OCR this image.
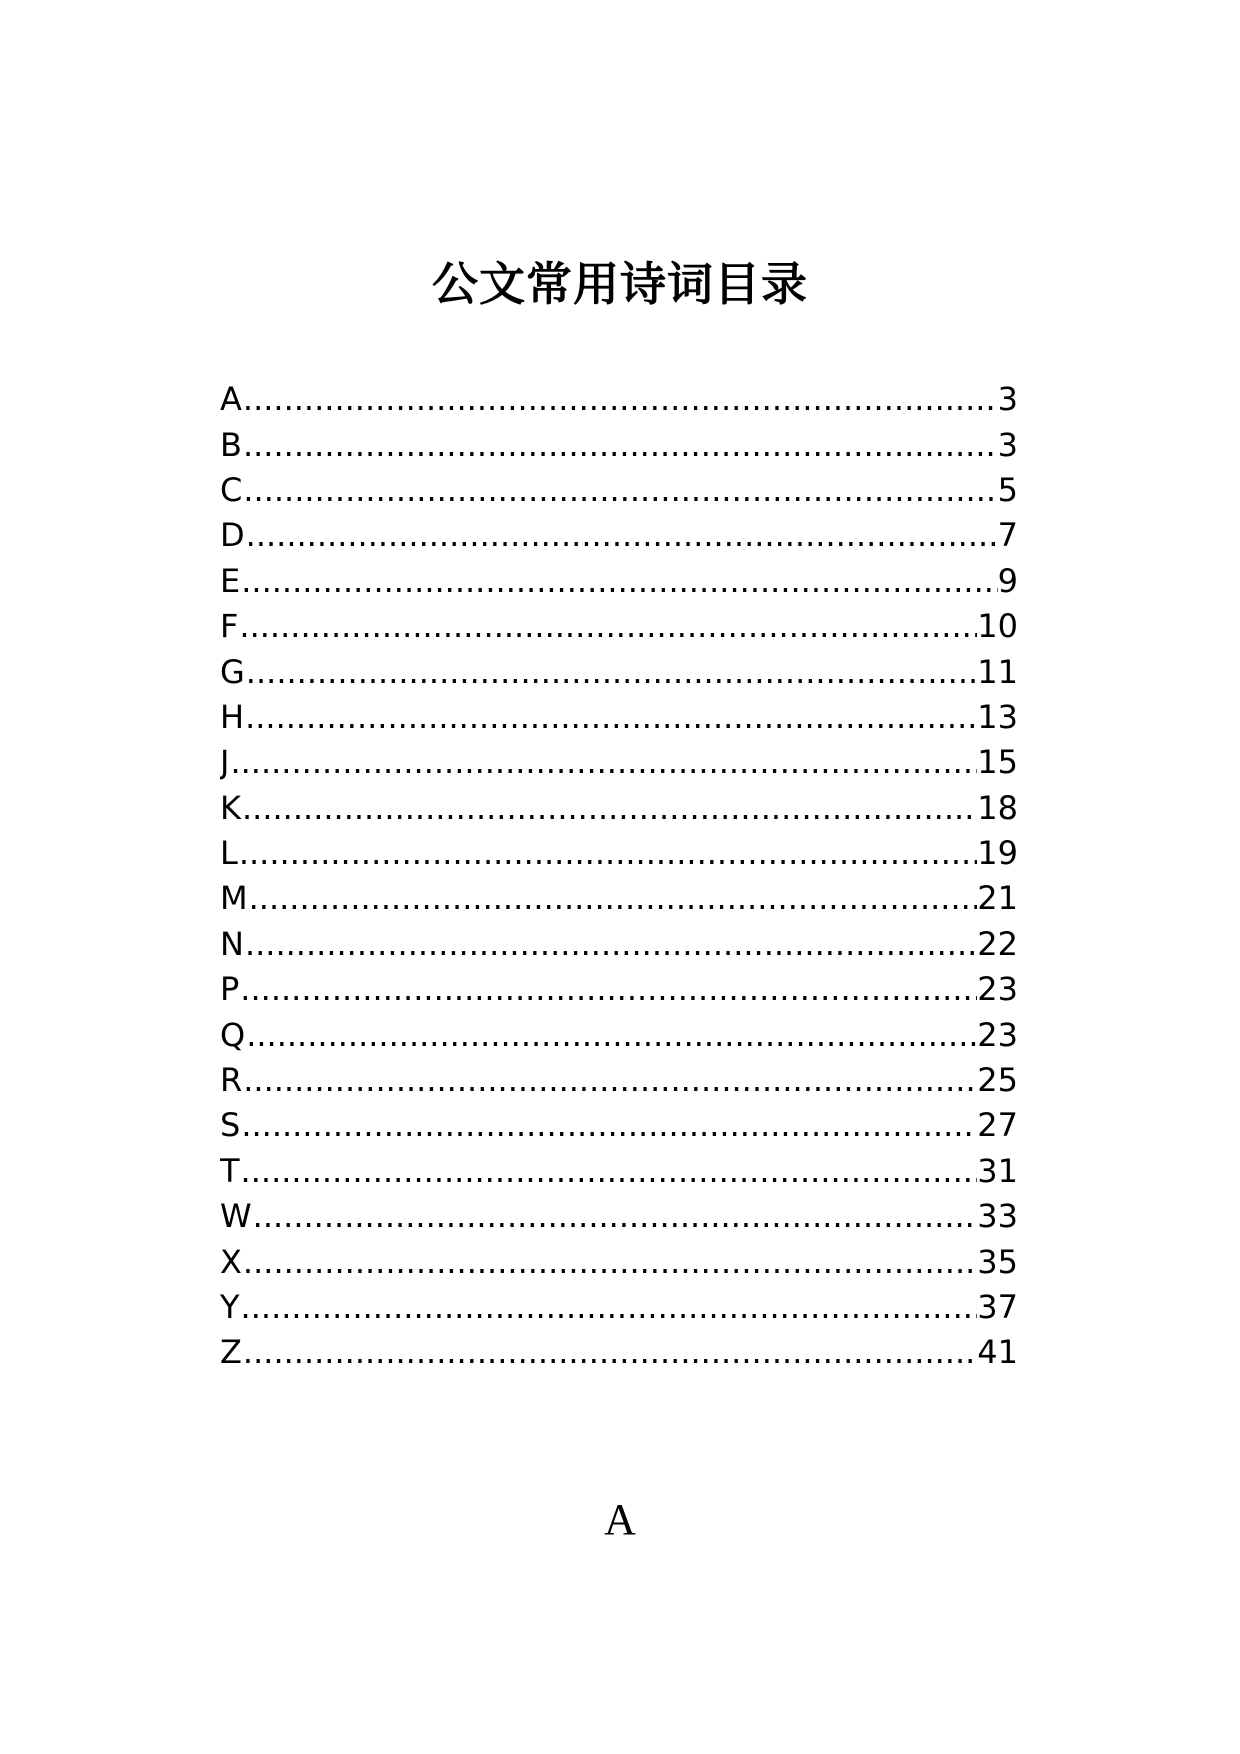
公文常用诗词目录
A .....	3
B .....	3
C .....	5
D .....	7
E .....	9
F .....	10
G .....	11
H .....	13
J .....	15
K .....	18
L .....	19
M .....	21
N .....	22
P .....	23
Q .....	23
R .....	25
S .....	27
T .....	31
W .....	33
X .....	35
Y .....	37
Z .....	41
A
